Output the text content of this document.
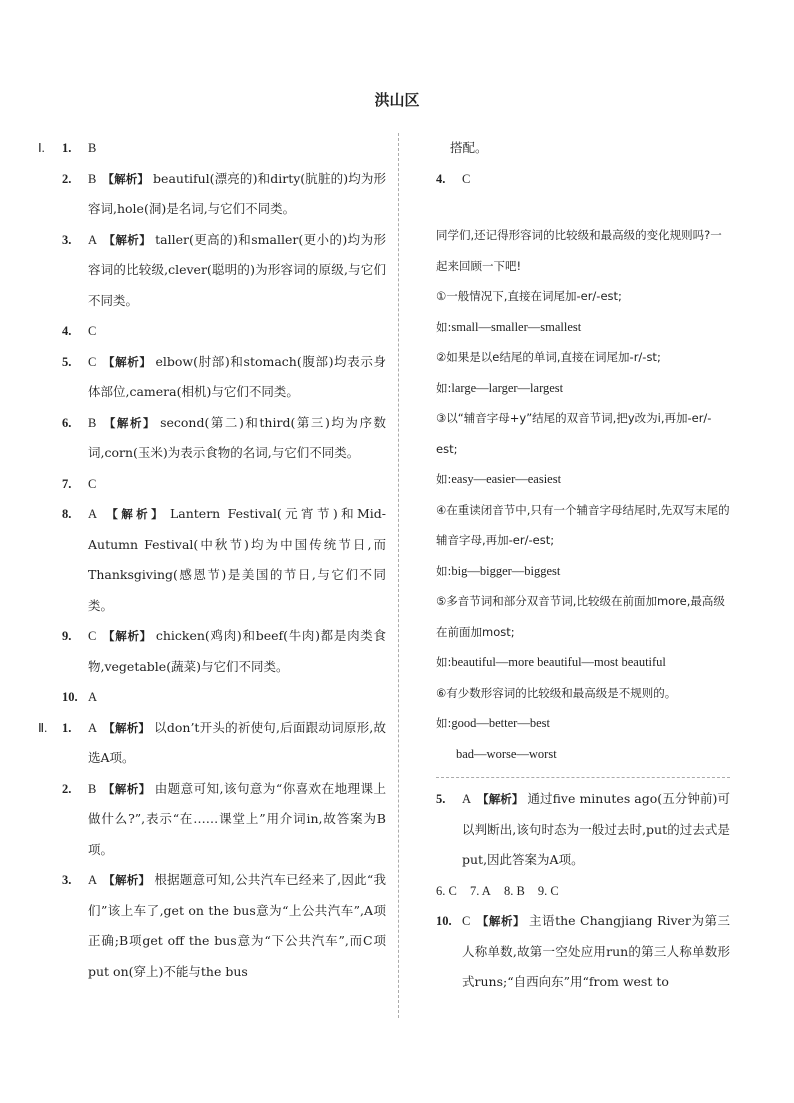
洪山区
Ⅰ. 1. B
2. B 【解析】 beautiful(漂亮的)和dirty(肮脏的)均为形容词,hole(洞)是名词,与它们不同类。
3. A 【解析】 taller(更高的)和smaller(更小的)均为形容词的比较级,clever(聪明的)为形容词的原级,与它们不同类。
4. C
5. C 【解析】 elbow(肘部)和stomach(腹部)均表示身体部位,camera(相机)与它们不同类。
6. B 【解析】 second(第二)和third(第三)均为序数词,corn(玉米)为表示食物的名词,与它们不同类。
7. C
8. A 【解析】 Lantern Festival(元宵节)和Mid-Autumn Festival(中秋节)均为中国传统节日,而Thanksgiving(感恩节)是美国的节日,与它们不同类。
9. C 【解析】 chicken(鸡肉)和beef(牛肉)都是肉类食物,vegetable(蔬菜)与它们不同类。
10. A
Ⅱ. 1. A 【解析】 以don’t开头的祈使句,后面跟动词原形,故选A项。
2. B 【解析】 由题意可知,该句意为“你喜欢在地理课上做什么?”,表示“在……课堂上”用介词in,故答案为B项。
3. A 【解析】 根据题意可知,公共汽车已经来了,因此“我们”该上车了,get on the bus意为“上公共汽车”,A项正确;B项get off the bus意为“下公共汽车”,而C项put on(穿上)不能与the bus
搭配。
4. C
同学们,还记得形容词的比较级和最高级的变化规则吗?一起来回顾一下吧!
①一般情况下,直接在词尾加-er/-est;
如:small—smaller—smallest
②如果是以e结尾的单词,直接在词尾加-r/-st;
如:large—larger—largest
③以“辅音字母+y”结尾的双音节词,把y改为i,再加-er/-est;
如:easy—easier—easiest
④在重读闭音节中,只有一个辅音字母结尾时,先双写末尾的辅音字母,再加-er/-est;
如:big—bigger—biggest
⑤多音节词和部分双音节词,比较级在前面加more,最高级在前面加most;
如:beautiful—more beautiful—most beautiful
⑥有少数形容词的比较级和最高级是不规则的。
如:good—better—best
bad—worse—worst
5. A 【解析】 通过five minutes ago(五分钟前)可以判断出,该句时态为一般过去时,put的过去式是put,因此答案为A项。
6. C 7. A 8. B 9. C
10. C 【解析】 主语the Changjiang River为第三人称单数,故第一空处应用run的第三人称单数形式runs;“自西向东”用“from west to
